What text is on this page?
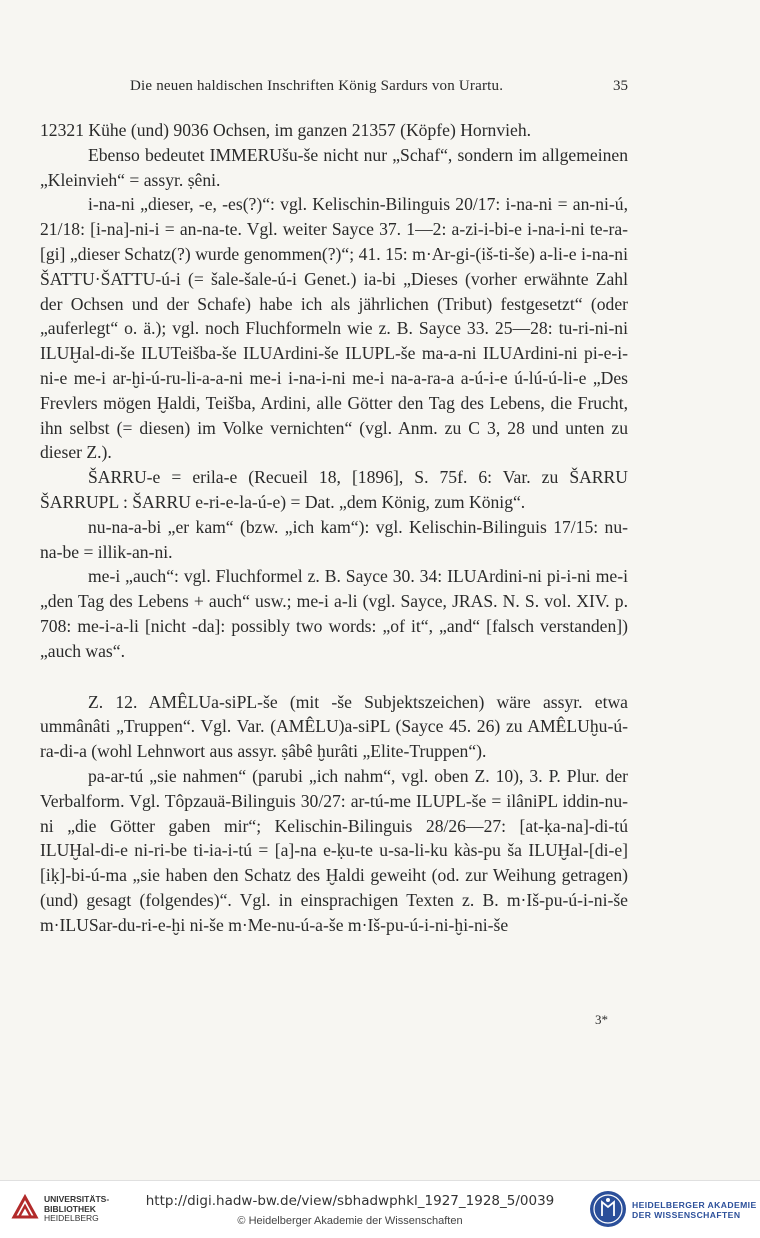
Die neuen haldischen Inschriften König Sardurs von Urartu.	35

12321 Kühe (und) 9036 Ochsen, im ganzen 21357 (Köpfe) Hornvieh.

Ebenso bedeutet IMMERUšu-še nicht nur „Schaf“, sondern im allgemeinen „Kleinvieh“ = assyr. ṣêni.

i-na-ni „dieser, -e, -es(?)“: vgl. Kelischin-Bilinguis 20/17: i-na-ni = an-ni-ú, 21/18: [i-na]-ni-i = an-na-te. Vgl. weiter Sayce 37. 1—2: a-zi-i-bi-e i-na-i-ni te-ra-[gi] „dieser Schatz(?) wurde genommen(?)“; 41. 15: m·Ar-gi-(iš-ti-še) a-li-e i-na-ni ŠATTU·ŠATTU-ú-i (= šale-šale-ú-i Genet.) ia-bi „Dieses (vorher erwähnte Zahl der Ochsen und der Schafe) habe ich als jährlichen (Tribut) festgesetzt“ (oder „auferlegt“ o. ä.); vgl. noch Fluchformeln wie z. B. Sayce 33. 25—28: tu-ri-ni-ni ILUḪal-di-še ILUTeišba-še ILUArdini-še ILUPL-še ma-a-ni ILUArdini-ni pi-e-i-ni-e me-i ar-ḫi-ú-ru-li-a-a-ni me-i i-na-i-ni me-i na-a-ra-a a-ú-i-e ú-lú-ú-li-e „Des Frevlers mögen Ḫaldi, Teišba, Ardini, alle Götter den Tag des Lebens, die Frucht, ihn selbst (= diesen) im Volke vernichten“ (vgl. Anm. zu C 3, 28 und unten zu dieser Z.).

ŠARRU-e = erila-e (Recueil 18, [1896], S. 75f. 6: Var. zu ŠARRU ŠARRUPL : ŠARRU e-ri-e-la-ú-e) = Dat. „dem König, zum König“.

nu-na-a-bi „er kam“ (bzw. „ich kam“): vgl. Kelischin-Bilinguis 17/15: nu-na-be = illik-an-ni.

me-i „auch“: vgl. Fluchformel z. B. Sayce 30. 34: ILUArdini-ni pi-i-ni me-i „den Tag des Lebens + auch“ usw.; me-i a-li (vgl. Sayce, JRAS. N. S. vol. XIV. p. 708: me-i-a-li [nicht -da]: possibly two words: „of it“, „and“ [falsch verstanden]) „auch was“.

Z. 12. AMÊLUa-siPL-še (mit -še Subjektszeichen) wäre assyr. etwa ummânâti „Truppen“. Vgl. Var. (AMÊLU)a-siPL (Sayce 45. 26) zu AMÊLUḫu-ú-ra-di-a (wohl Lehnwort aus assyr. ṣâbê ḫurâti „Elite-Truppen“).

pa-ar-tú „sie nahmen“ (parubi „ich nahm“, vgl. oben Z. 10), 3. P. Plur. der Verbalform. Vgl. Tôpzauä-Bilinguis 30/27: ar-tú-me ILUPL-še = ilâniPL iddin-nu-ni „die Götter gaben mir“; Kelischin-Bilinguis 28/26—27: [at-ḳa-na]-di-tú ILUḪal-di-e ni-ri-be ti-ia-i-tú = [a]-na e-ḳu-te u-sa-li-ku kàs-pu ša ILUḪal-[di-e] [iḳ]-bi-ú-ma „sie haben den Schatz des Ḫaldi geweiht (od. zur Weihung getragen) (und) gesagt (folgendes)“. Vgl. in einsprachigen Texten z. B. m·Iš-pu-ú-i-ni-še m·ILUSar-du-ri-e-ḫi ni-še m·Me-nu-ú-a-še m·Iš-pu-ú-i-ni-ḫi-ni-še

3*
UNIVERSITÄTS-
BIBLIOTHEK
HEIDELBERG
http://digi.hadw-bw.de/view/sbhadwphkl_1927_1928_5/0039
© Heidelberger Akademie der Wissenschaften
HEIDELBERGER AKADEMIE
DER WISSENSCHAFTEN
